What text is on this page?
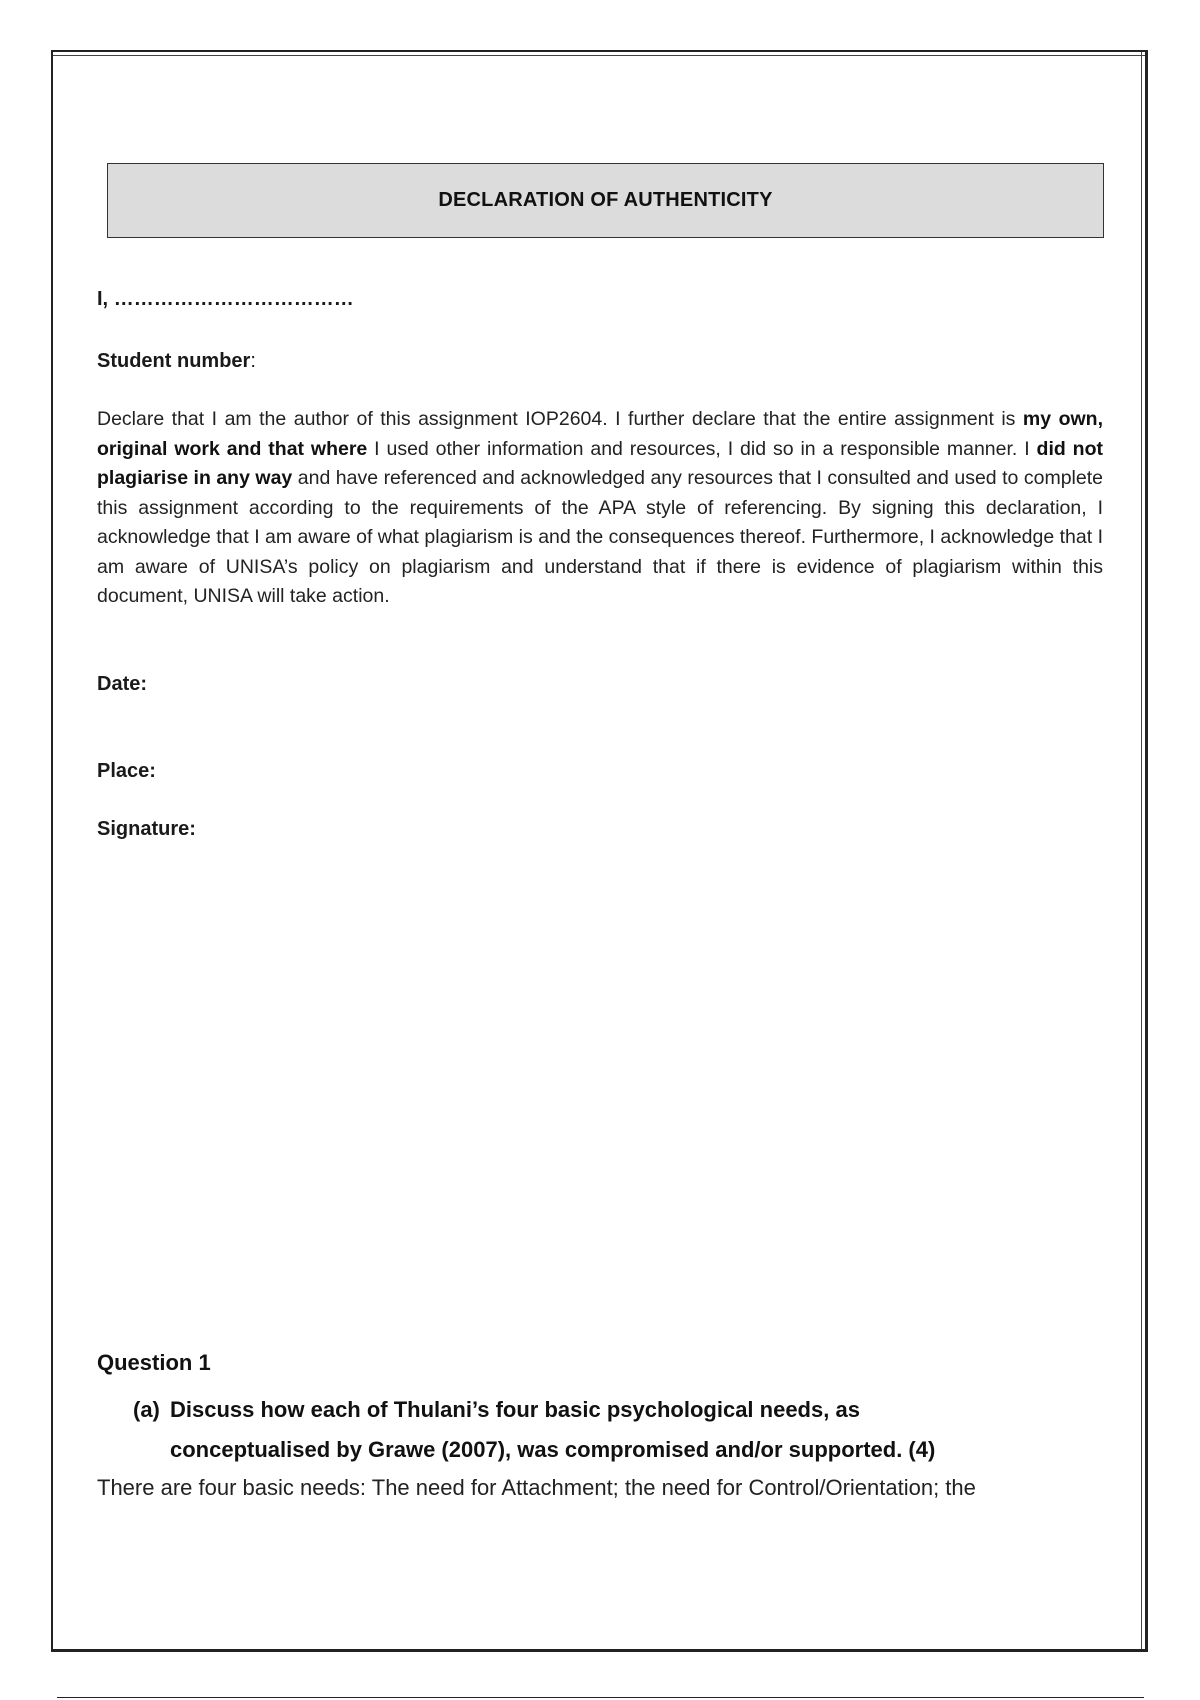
DECLARATION OF AUTHENTICITY
I, ………………………………
Student number:
Declare that I am the author of this assignment IOP2604. I further declare that the entire assignment is my own, original work and that where I used other information and resources, I did so in a responsible manner. I did not plagiarise in any way and have referenced and acknowledged any resources that I consulted and used to complete this assignment according to the requirements of the APA style of referencing. By signing this declaration, I acknowledge that I am aware of what plagiarism is and the consequences thereof. Furthermore, I acknowledge that I am aware of UNISA’s policy on plagiarism and understand that if there is evidence of plagiarism within this document, UNISA will take action.
Date:
Place:
Signature:
Question 1
(a) Discuss how each of Thulani’s four basic psychological needs, as
conceptualised by Grawe (2007), was compromised and/or supported. (4)
There are four basic needs: The need for Attachment; the need for Control/Orientation; the
